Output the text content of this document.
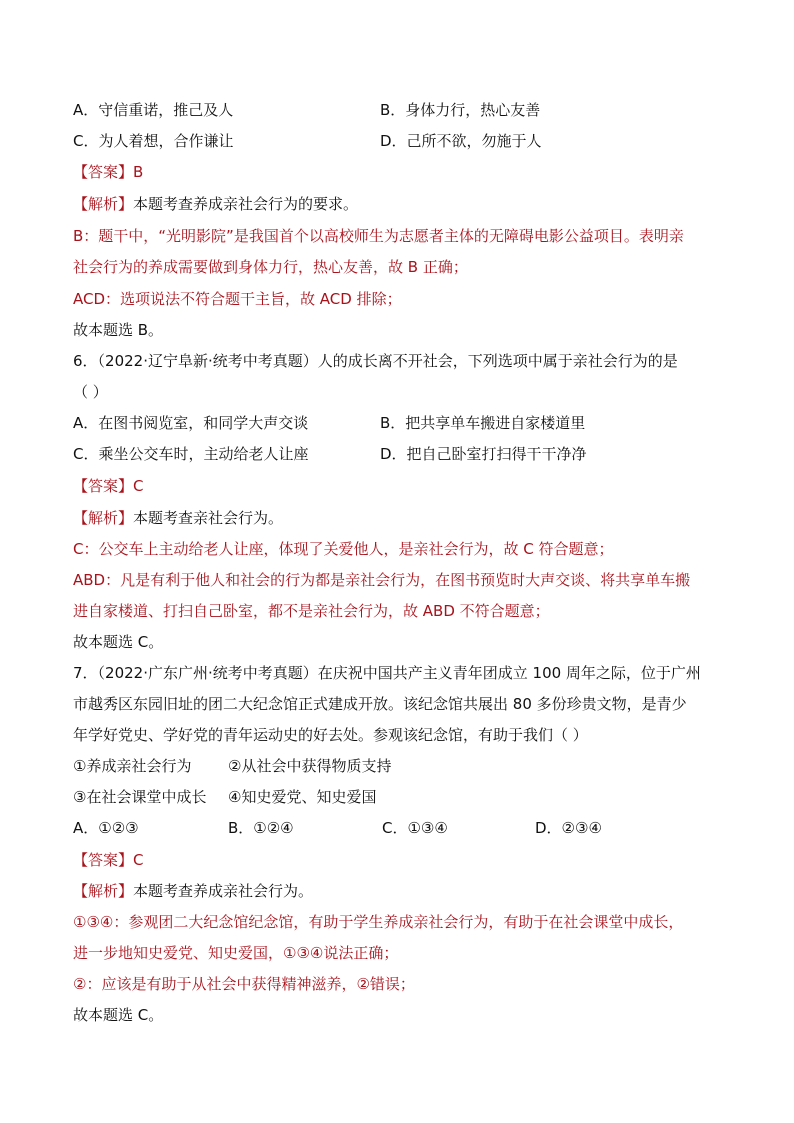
A．守信重诺，推己及人	B．身体力行，热心友善
C．为人着想，合作谦让	D．己所不欲，勿施于人
【答案】B
【解析】本题考查养成亲社会行为的要求。
B：题干中，“光明影院”是我国首个以高校师生为志愿者主体的无障碍电影公益项目。表明亲
社会行为的养成需要做到身体力行，热心友善，故 B 正确；
ACD：选项说法不符合题干主旨，故 ACD 排除；
故本题选 B。
6．（2022·辽宁阜新·统考中考真题）人的成长离不开社会，下列选项中属于亲社会行为的是
（ ）
A．在图书阅览室，和同学大声交谈	B．把共享单车搬进自家楼道里
C．乘坐公交车时，主动给老人让座	D．把自己卧室打扫得干干净净
【答案】C
【解析】本题考查亲社会行为。
C：公交车上主动给老人让座，体现了关爱他人，是亲社会行为，故 C 符合题意；
ABD：凡是有利于他人和社会的行为都是亲社会行为，在图书预览时大声交谈、将共享单车搬
进自家楼道、打扫自己卧室，都不是亲社会行为，故 ABD 不符合题意；
故本题选 C。
7．（2022·广东广州·统考中考真题）在庆祝中国共产主义青年团成立 100 周年之际，位于广州
市越秀区东园旧址的团二大纪念馆正式建成开放。该纪念馆共展出 80 多份珍贵文物，是青少
年学好党史、学好党的青年运动史的好去处。参观该纪念馆，有助于我们（ ）
①养成亲社会行为 ②从社会中获得物质支持
③在社会课堂中成长 ④知史爱党、知史爱国
A．①②③	B．①②④	C．①③④	D．②③④
【答案】C
【解析】本题考查养成亲社会行为。
①③④：参观团二大纪念馆纪念馆，有助于学生养成亲社会行为，有助于在社会课堂中成长，
进一步地知史爱党、知史爱国，①③④说法正确；
②：应该是有助于从社会中获得精神滋养，②错误；
故本题选 C。
